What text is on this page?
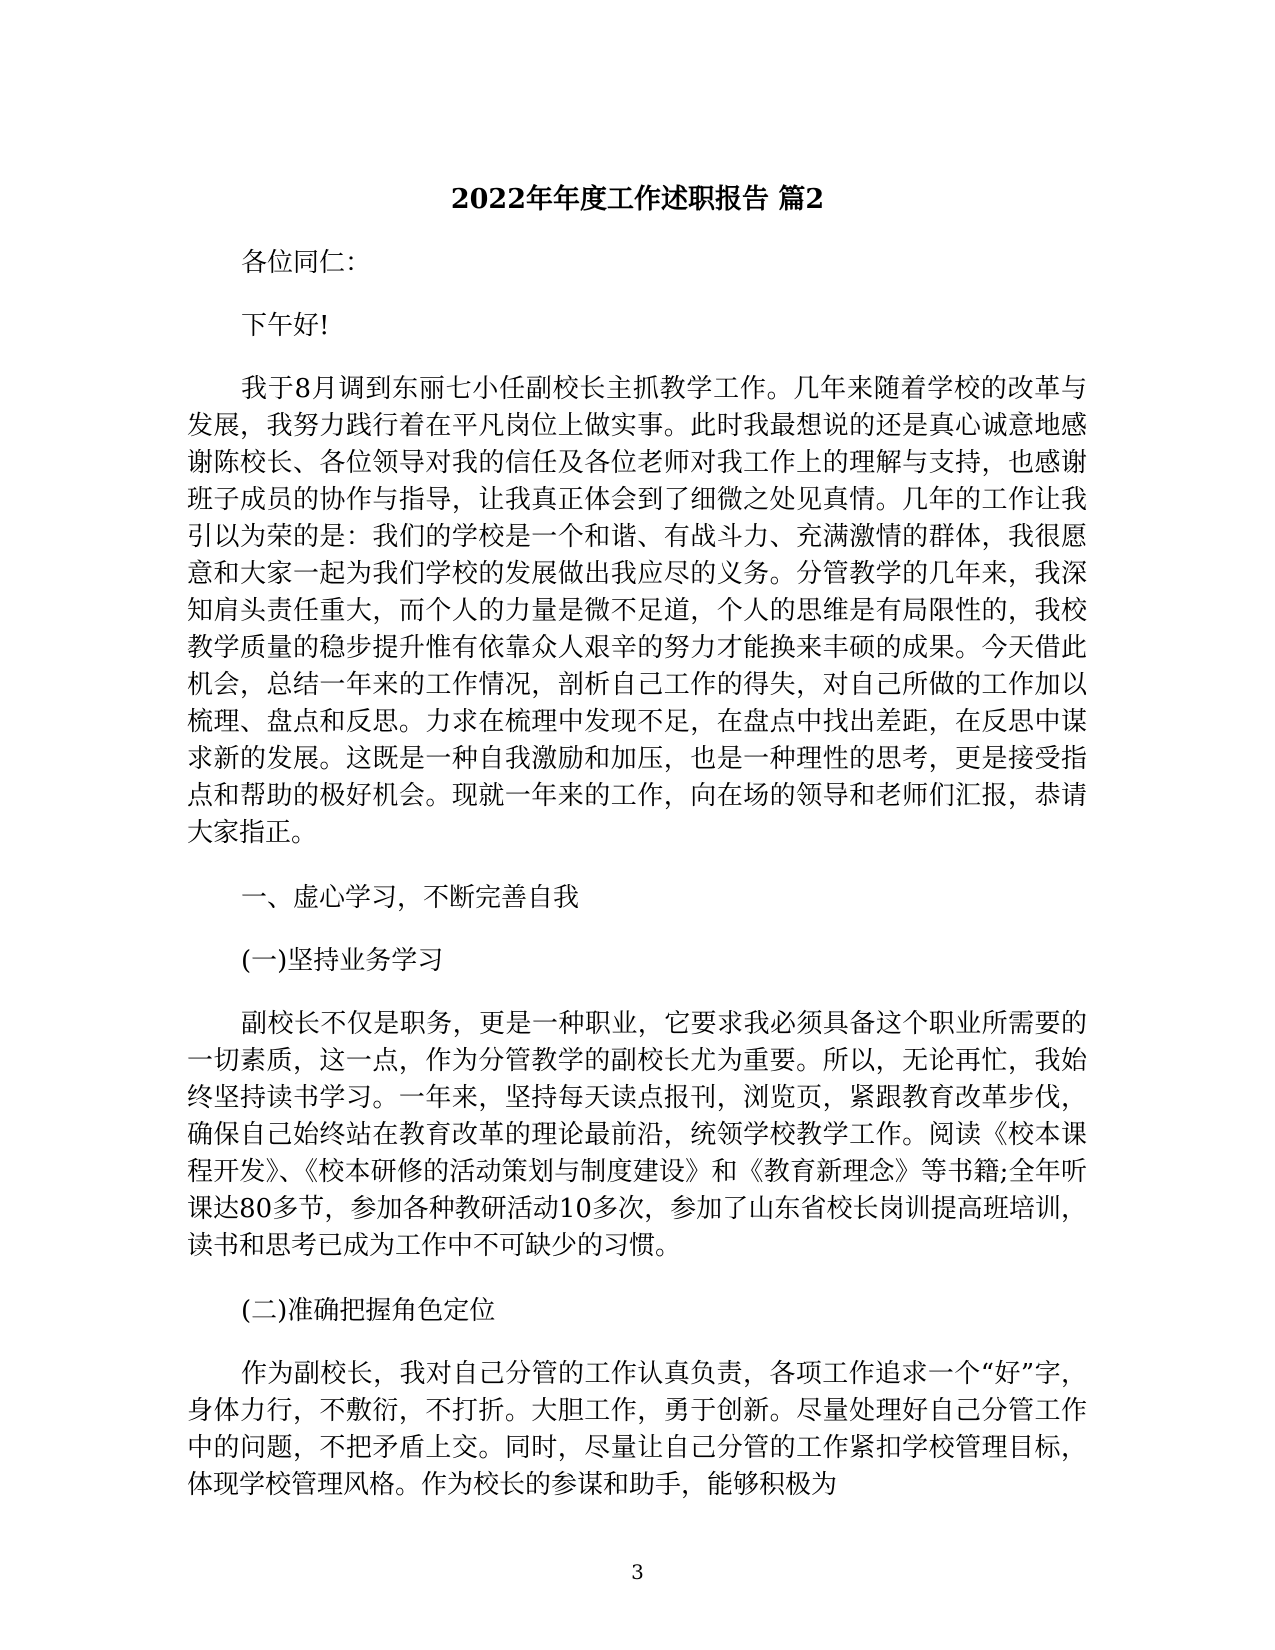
2022年年度工作述职报告 篇2

各位同仁：

下午好!

我于8月调到东丽七小任副校长主抓教学工作。几年来随着学校的改革与发展，我努力践行着在平凡岗位上做实事。此时我最想说的还是真心诚意地感谢陈校长、各位领导对我的信任及各位老师对我工作上的理解与支持，也感谢班子成员的协作与指导，让我真正体会到了细微之处见真情。几年的工作让我引以为荣的是：我们的学校是一个和谐、有战斗力、充满激情的群体，我很愿意和大家一起为我们学校的发展做出我应尽的义务。分管教学的几年来，我深知肩头责任重大，而个人的力量是微不足道，个人的思维是有局限性的，我校教学质量的稳步提升惟有依靠众人艰辛的努力才能换来丰硕的成果。今天借此机会，总结一年来的工作情况，剖析自己工作的得失，对自己所做的工作加以梳理、盘点和反思。力求在梳理中发现不足，在盘点中找出差距，在反思中谋求新的发展。这既是一种自我激励和加压，也是一种理性的思考，更是接受指点和帮助的极好机会。现就一年来的工作，向在场的领导和老师们汇报，恭请大家指正。

一、虚心学习，不断完善自我

(一)坚持业务学习

副校长不仅是职务，更是一种职业，它要求我必须具备这个职业所需要的一切素质，这一点，作为分管教学的副校长尤为重要。所以，无论再忙，我始终坚持读书学习。一年来，坚持每天读点报刊，浏览页，紧跟教育改革步伐，确保自己始终站在教育改革的理论最前沿，统领学校教学工作。阅读《校本课程开发》、《校本研修的活动策划与制度建设》和《教育新理念》等书籍;全年听课达80多节，参加各种教研活动10多次，参加了山东省校长岗训提高班培训，读书和思考已成为工作中不可缺少的习惯。

(二)准确把握角色定位

作为副校长，我对自己分管的工作认真负责，各项工作追求一个“好”字，身体力行，不敷衍，不打折。大胆工作，勇于创新。尽量处理好自己分管工作中的问题，不把矛盾上交。同时，尽量让自己分管的工作紧扣学校管理目标，体现学校管理风格。作为校长的参谋和助手，能够积极为

3
